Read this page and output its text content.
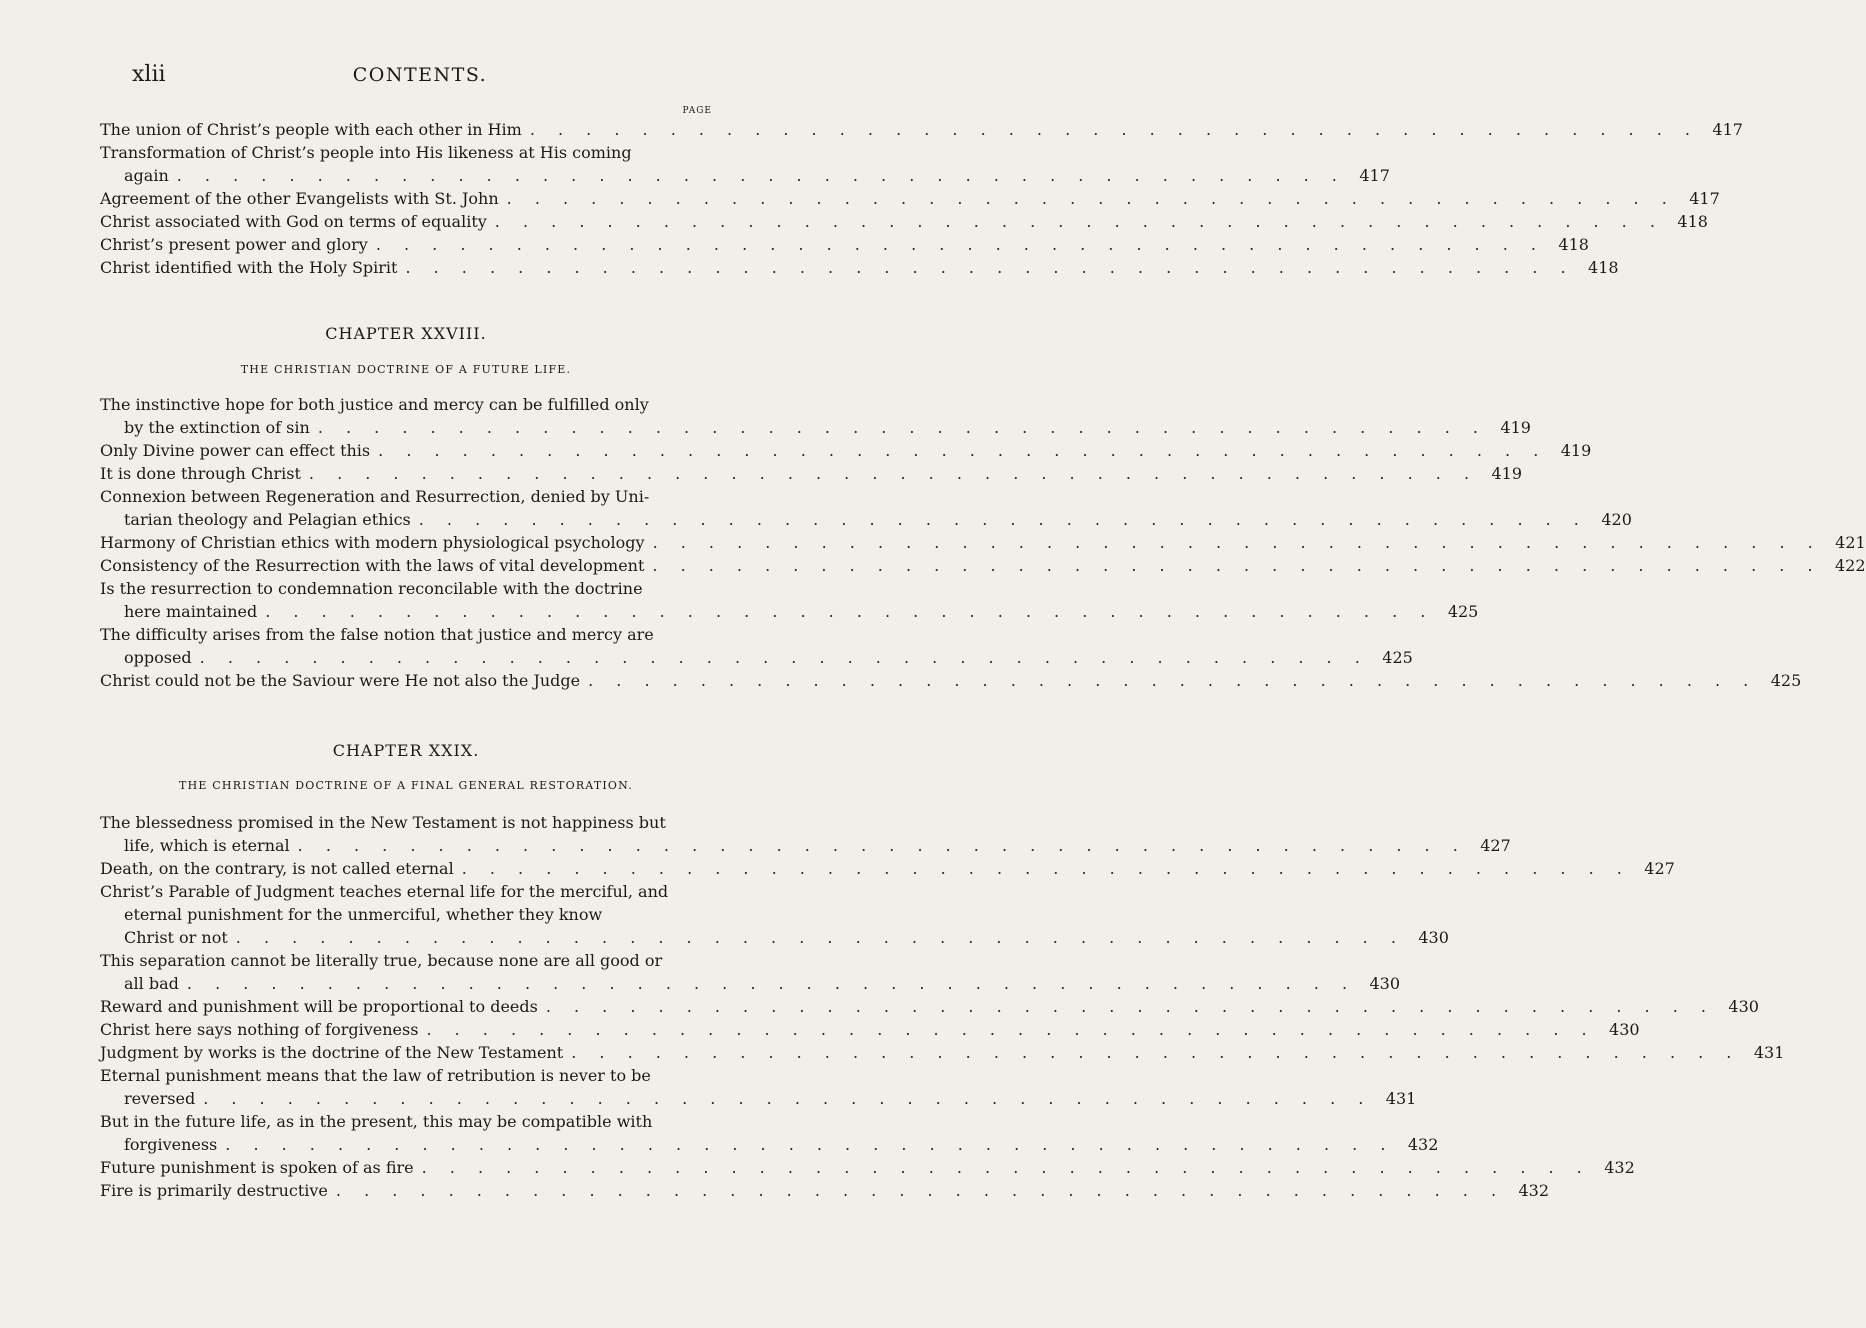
xlii	CONTENTS.
PAGE
The union of Christ’s people with each other in Him . . . . . . . . . . . . . . . . . . . . . . . . . . . . . . . . . . . . . . . . . . 417
Transformation of Christ’s people into His likeness at His coming
again . . . . . . . . . . . . . . . . . . . . . . . . . . . . . . . . . . . . . . . . . . 417
Agreement of the other Evangelists with St. John . . . . . . . . . . . . . . . . . . . . . . . . . . . . . . . . . . . . . . . . . . 417
Christ associated with God on terms of equality . . . . . . . . . . . . . . . . . . . . . . . . . . . . . . . . . . . . . . . . . . 418
Christ’s present power and glory . . . . . . . . . . . . . . . . . . . . . . . . . . . . . . . . . . . . . . . . . . 418
Christ identified with the Holy Spirit . . . . . . . . . . . . . . . . . . . . . . . . . . . . . . . . . . . . . . . . . . 418
CHAPTER XXVIII.
THE CHRISTIAN DOCTRINE OF A FUTURE LIFE.
The instinctive hope for both justice and mercy can be fulfilled only
by the extinction of sin . . . . . . . . . . . . . . . . . . . . . . . . . . . . . . . . . . . . . . . . . . 419
Only Divine power can effect this . . . . . . . . . . . . . . . . . . . . . . . . . . . . . . . . . . . . . . . . . . 419
It is done through Christ . . . . . . . . . . . . . . . . . . . . . . . . . . . . . . . . . . . . . . . . . . 419
Connexion between Regeneration and Resurrection, denied by Uni-
tarian theology and Pelagian ethics . . . . . . . . . . . . . . . . . . . . . . . . . . . . . . . . . . . . . . . . . . 420
Harmony of Christian ethics with modern physiological psychology . . . . . . . . . . . . . . . . . . . . . . . . . . . . . . . . . . . . . . . . . . 421
Consistency of the Resurrection with the laws of vital development . . . . . . . . . . . . . . . . . . . . . . . . . . . . . . . . . . . . . . . . . . 422
Is the resurrection to condemnation reconcilable with the doctrine
here maintained . . . . . . . . . . . . . . . . . . . . . . . . . . . . . . . . . . . . . . . . . . 425
The difficulty arises from the false notion that justice and mercy are
opposed . . . . . . . . . . . . . . . . . . . . . . . . . . . . . . . . . . . . . . . . . . 425
Christ could not be the Saviour were He not also the Judge . . . . . . . . . . . . . . . . . . . . . . . . . . . . . . . . . . . . . . . . . . 425
CHAPTER XXIX.
THE CHRISTIAN DOCTRINE OF A FINAL GENERAL RESTORATION.
The blessedness promised in the New Testament is not happiness but
life, which is eternal . . . . . . . . . . . . . . . . . . . . . . . . . . . . . . . . . . . . . . . . . . 427
Death, on the contrary, is not called eternal . . . . . . . . . . . . . . . . . . . . . . . . . . . . . . . . . . . . . . . . . . 427
Christ’s Parable of Judgment teaches eternal life for the merciful, and
eternal punishment for the unmerciful, whether they know
Christ or not . . . . . . . . . . . . . . . . . . . . . . . . . . . . . . . . . . . . . . . . . . 430
This separation cannot be literally true, because none are all good or
all bad . . . . . . . . . . . . . . . . . . . . . . . . . . . . . . . . . . . . . . . . . . 430
Reward and punishment will be proportional to deeds . . . . . . . . . . . . . . . . . . . . . . . . . . . . . . . . . . . . . . . . . . 430
Christ here says nothing of forgiveness . . . . . . . . . . . . . . . . . . . . . . . . . . . . . . . . . . . . . . . . . . 430
Judgment by works is the doctrine of the New Testament . . . . . . . . . . . . . . . . . . . . . . . . . . . . . . . . . . . . . . . . . . 431
Eternal punishment means that the law of retribution is never to be
reversed . . . . . . . . . . . . . . . . . . . . . . . . . . . . . . . . . . . . . . . . . . 431
But in the future life, as in the present, this may be compatible with
forgiveness . . . . . . . . . . . . . . . . . . . . . . . . . . . . . . . . . . . . . . . . . . 432
Future punishment is spoken of as fire . . . . . . . . . . . . . . . . . . . . . . . . . . . . . . . . . . . . . . . . . . 432
Fire is primarily destructive . . . . . . . . . . . . . . . . . . . . . . . . . . . . . . . . . . . . . . . . . . 432
